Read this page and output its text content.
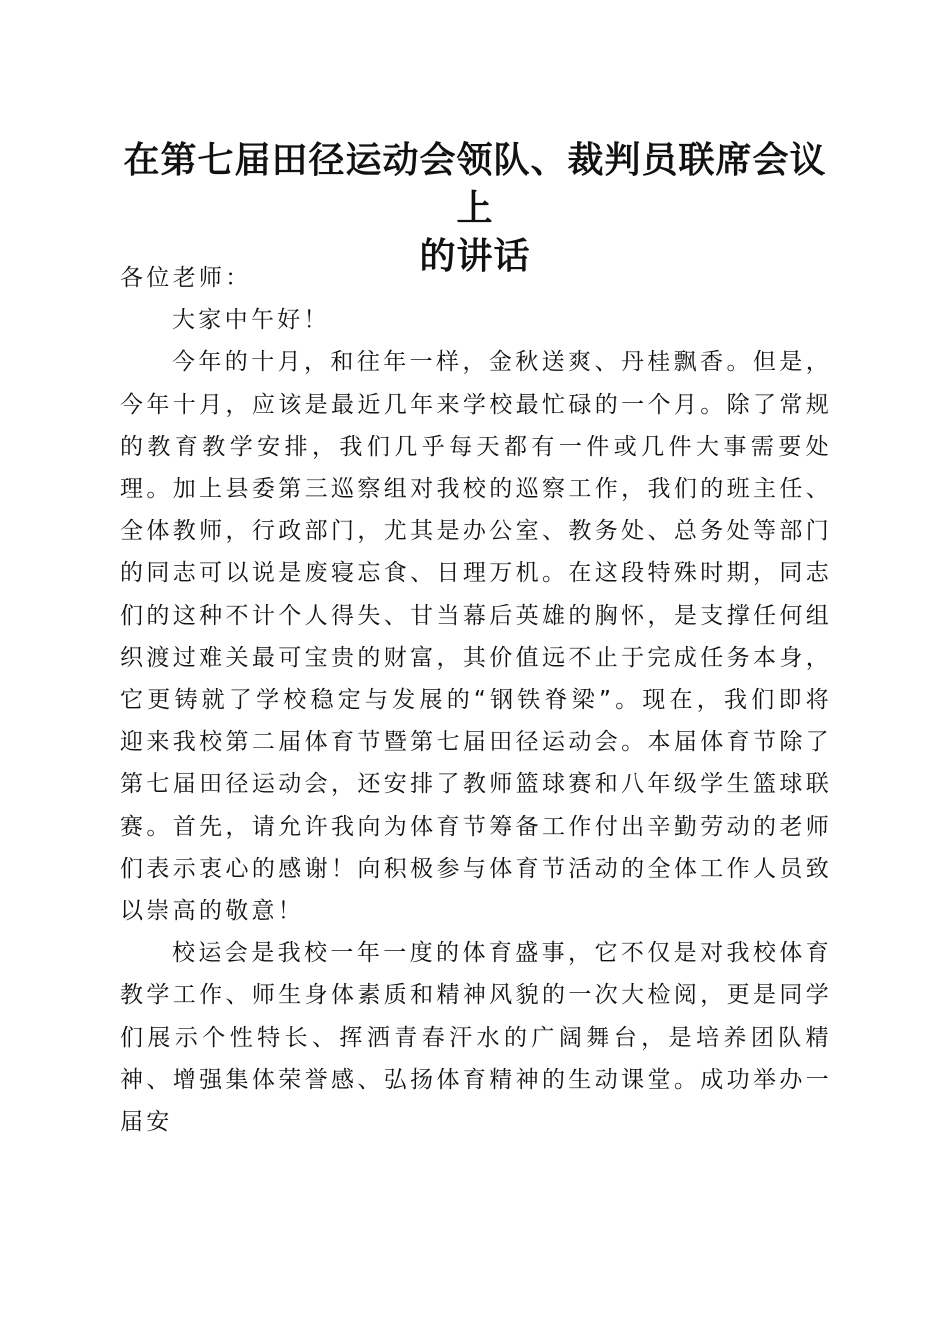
在第七届田径运动会领队、裁判员联席会议上
的讲话

各位老师：

大家中午好！

今年的十月，和往年一样，金秋送爽、丹桂飘香。但是，今年十月，应该是最近几年来学校最忙碌的一个月。除了常规的教育教学安排，我们几乎每天都有一件或几件大事需要处理。加上县委第三巡察组对我校的巡察工作，我们的班主任、全体教师，行政部门，尤其是办公室、教务处、总务处等部门的同志可以说是废寝忘食、日理万机。在这段特殊时期，同志们的这种不计个人得失、甘当幕后英雄的胸怀，是支撑任何组织渡过难关最可宝贵的财富，其价值远不止于完成任务本身，它更铸就了学校稳定与发展的“钢铁脊梁”。现在，我们即将迎来我校第二届体育节暨第七届田径运动会。本届体育节除了第七届田径运动会，还安排了教师篮球赛和八年级学生篮球联赛。首先，请允许我向为体育节筹备工作付出辛勤劳动的老师们表示衷心的感谢！向积极参与体育节活动的全体工作人员致以崇高的敬意！

校运会是我校一年一度的体育盛事，它不仅是对我校体育教学工作、师生身体素质和精神风貌的一次大检阅，更是同学们展示个性特长、挥洒青春汗水的广阔舞台，是培养团队精神、增强集体荣誉感、弘扬体育精神的生动课堂。成功举办一届安
